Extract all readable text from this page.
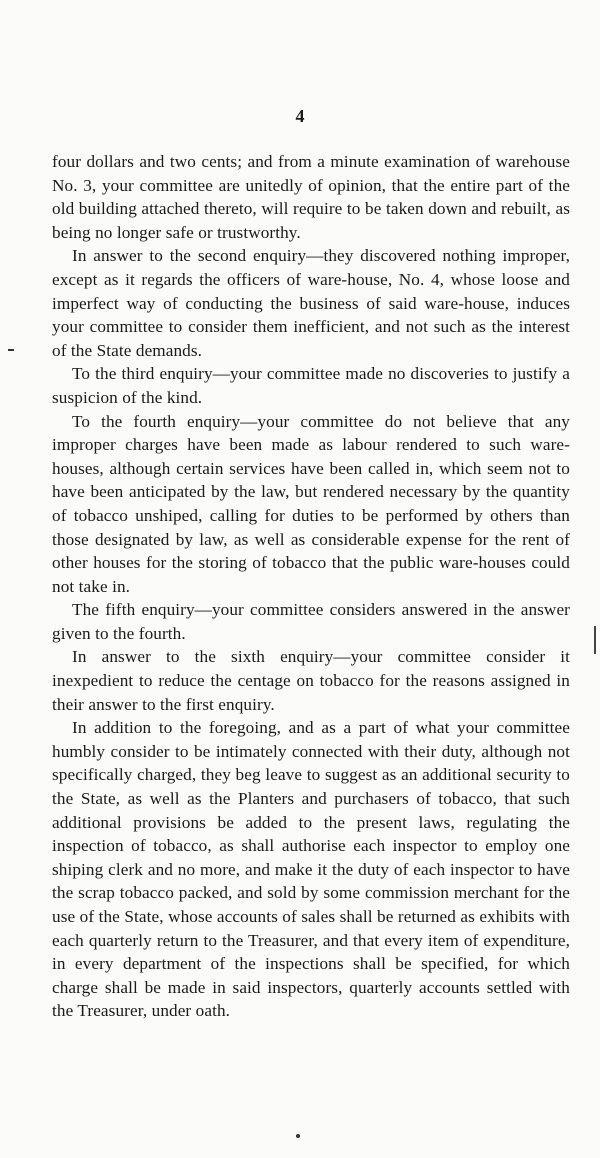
4

four dollars and two cents; and from a minute examination of warehouse No. 3, your committee are unitedly of opinion, that the entire part of the old building attached thereto, will require to be taken down and rebuilt, as being no longer safe or trustworthy.

In answer to the second enquiry—they discovered nothing improper, except as it regards the officers of ware-house, No. 4, whose loose and imperfect way of conducting the business of said ware-house, induces your committee to consider them inefficient, and not such as the interest of the State demands.

To the third enquiry—your committee made no discoveries to justify a suspicion of the kind.

To the fourth enquiry—your committee do not believe that any improper charges have been made as labour rendered to such ware-houses, although certain services have been called in, which seem not to have been anticipated by the law, but rendered necessary by the quantity of tobacco unshiped, calling for duties to be performed by others than those designated by law, as well as considerable expense for the rent of other houses for the storing of tobacco that the public ware-houses could not take in.

The fifth enquiry—your committee considers answered in the answer given to the fourth.

In answer to the sixth enquiry—your committee consider it inexpedient to reduce the centage on tobacco for the reasons assigned in their answer to the first enquiry.

In addition to the foregoing, and as a part of what your committee humbly consider to be intimately connected with their duty, although not specifically charged, they beg leave to suggest as an additional security to the State, as well as the Planters and purchasers of tobacco, that such additional provisions be added to the present laws, regulating the inspection of tobacco, as shall authorise each inspector to employ one shiping clerk and no more, and make it the duty of each inspector to have the scrap tobacco packed, and sold by some commission merchant for the use of the State, whose accounts of sales shall be returned as exhibits with each quarterly return to the Treasurer, and that every item of expenditure, in every department of the inspections shall be specified, for which charge shall be made in said inspectors, quarterly accounts settled with the Treasurer, under oath.
